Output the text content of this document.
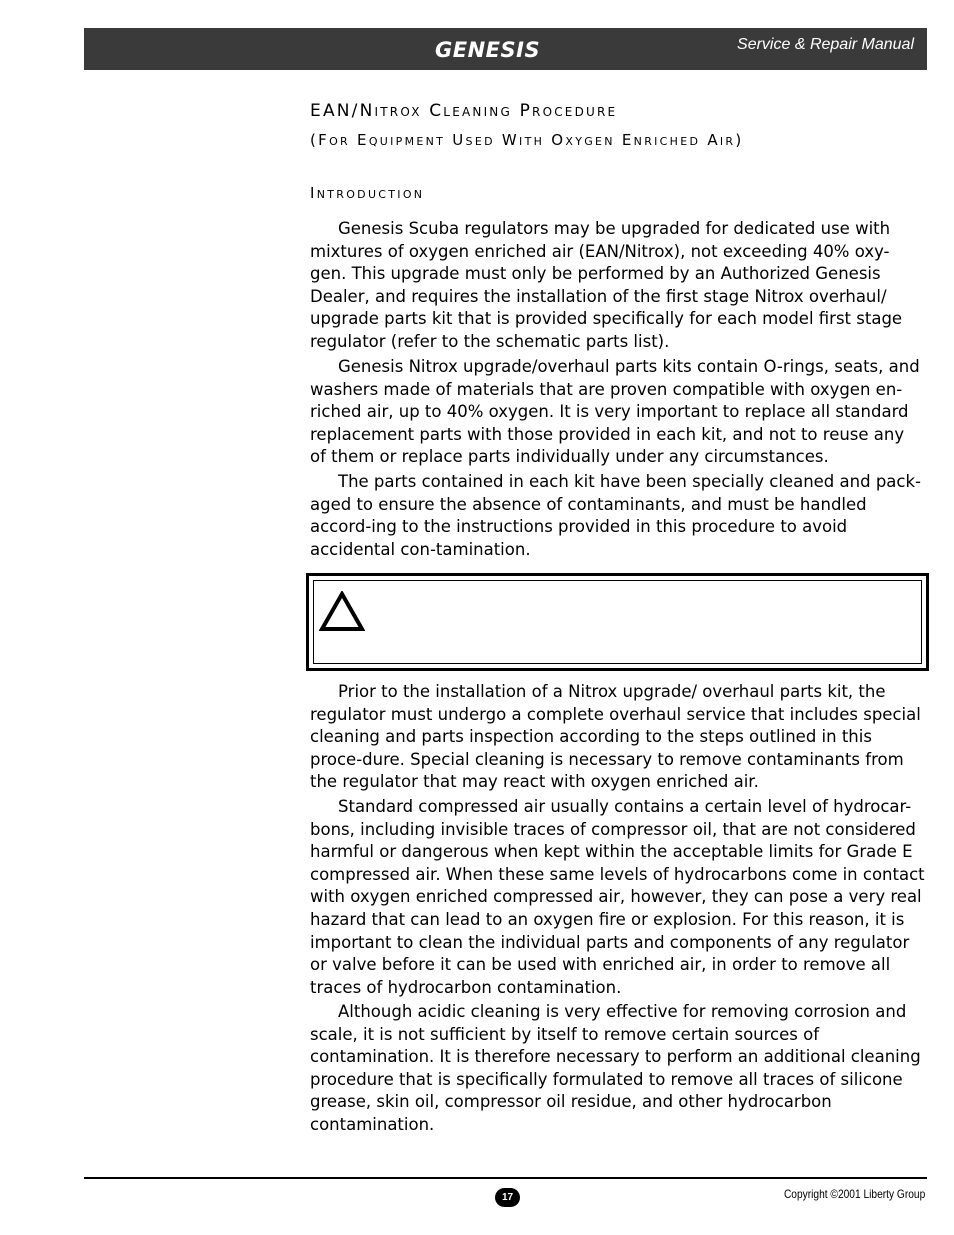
GENESIS	Service & Repair Manual
EAN/Nitrox Cleaning Procedure
(For Equipment Used With Oxygen Enriched Air)
Introduction

Genesis Scuba regulators may be upgraded for dedicated use with mixtures of oxygen enriched air (EAN/Nitrox), not exceeding 40% oxy-gen. This upgrade must only be performed by an Authorized Genesis Dealer, and requires the installation of the first stage Nitrox overhaul/ upgrade parts kit that is provided specifically for each model first stage regulator (refer to the schematic parts list).

Genesis Nitrox upgrade/overhaul parts kits contain O-rings, seats, and washers made of materials that are proven compatible with oxygen en-riched air, up to 40% oxygen. It is very important to replace all standard replacement parts with those provided in each kit, and not to reuse any of them or replace parts individually under any circumstances.

The parts contained in each kit have been specially cleaned and pack-aged to ensure the absence of contaminants, and must be handled accord-ing to the instructions provided in this procedure to avoid accidental con-tamination.

Prior to the installation of a Nitrox upgrade/ overhaul parts kit, the regulator must undergo a complete overhaul service that includes special cleaning and parts inspection according to the steps outlined in this proce-dure. Special cleaning is necessary to remove contaminants from the regulator that may react with oxygen enriched air.

Standard compressed air usually contains a certain level of hydrocar-bons, including invisible traces of compressor oil, that are not considered harmful or dangerous when kept within the acceptable limits for Grade E compressed air. When these same levels of hydrocarbons come in contact with oxygen enriched compressed air, however, they can pose a very real hazard that can lead to an oxygen fire or explosion. For this reason, it is important to clean the individual parts and components of any regulator or valve before it can be used with enriched air, in order to remove all traces of hydrocarbon contamination.

Although acidic cleaning is very effective for removing corrosion and scale, it is not sufficient by itself to remove certain sources of contamination. It is therefore necessary to perform an additional cleaning procedure that is specifically formulated to remove all traces of silicone grease, skin oil, compressor oil residue, and other hydrocarbon contamination.

17	Copyright ©2001 Liberty Group
